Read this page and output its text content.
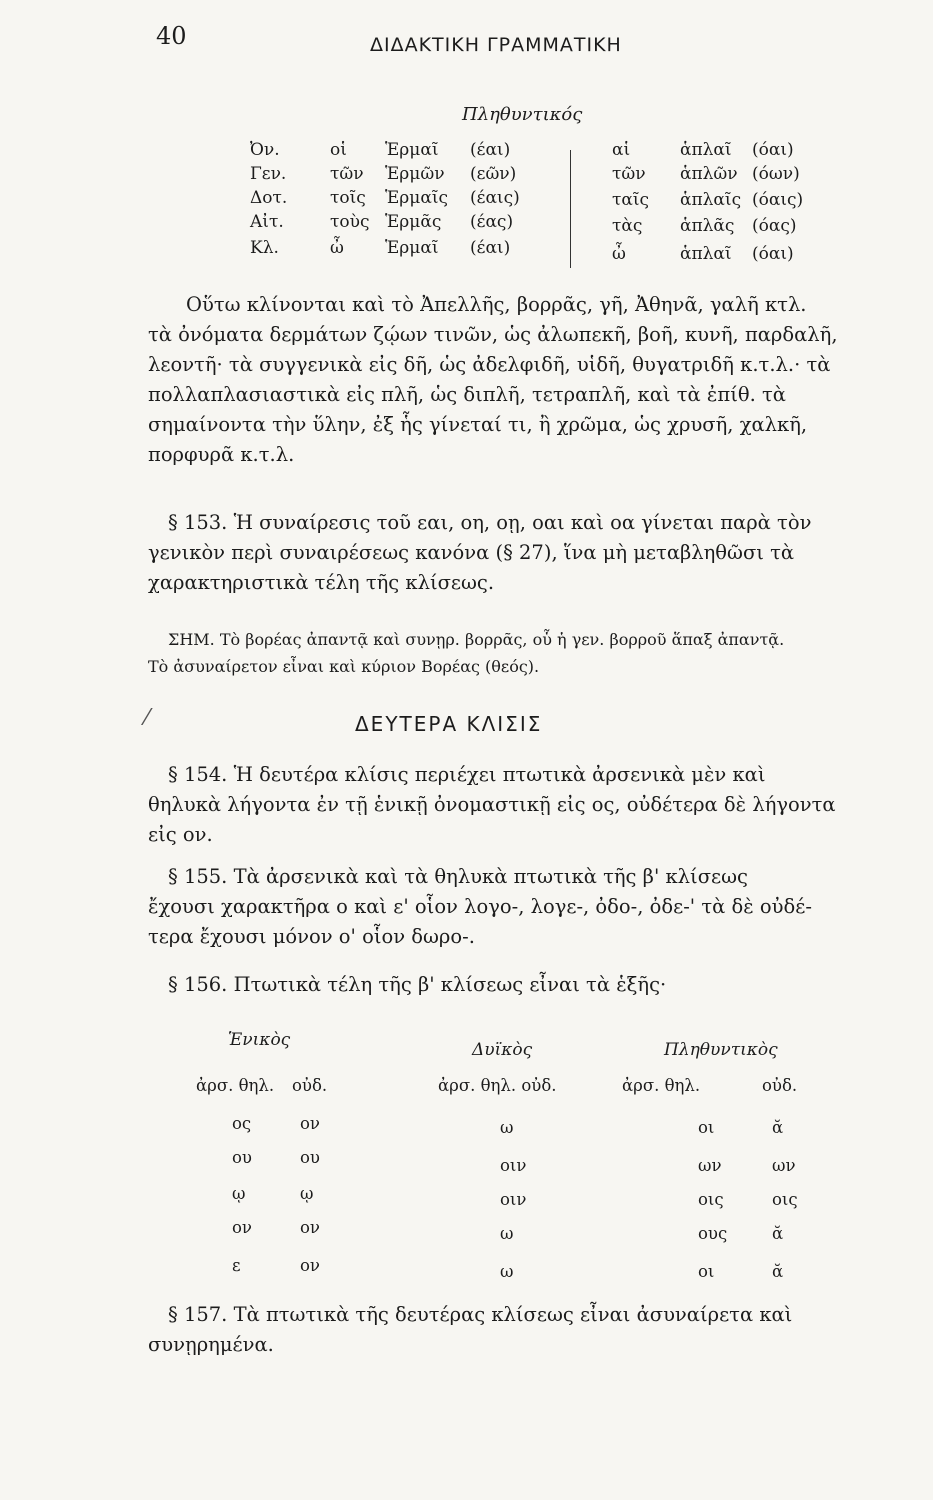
40	ΔΙΔΑΚΤΙΚΗ ΓΡΑΜΜΑΤΙΚΗ
Πληθυντικός
Ὀν.	οἱ Ἑρμαῖ (έαι)	αἱ	ἁπλαῖ (όαι)
Γεν.	τῶν Ἑρμῶν (εῶν)	τῶν ἁπλῶν (όων)
Δοτ.	τοῖς Ἑρμαῖς (έαις)	ταῖς ἁπλαῖς (όαις)
Αἰτ.	τοὺς Ἑρμᾶς (έας)	τὰς ἁπλᾶς (όας)
Κλ.	ὦ Ἑρμαῖ (έαι)	ὦ	ἁπλαῖ (όαι)
Οὕτω κλίνονται καὶ τὸ Ἀπελλῆς, βορρᾶς, γῆ, Ἀθηνᾶ, γαλῆ κτλ.
τὰ ὀνόματα δερμάτων ζῴων τινῶν, ὡς ἀλωπεκῆ, βοῆ, κυνῆ, παρδαλῆ,
λεοντῆ· τὰ συγγενικὰ εἰς δῆ, ὡς ἀδελφιδῆ, υἱδῆ, θυγατριδῆ κ.τ.λ.· τὰ
πολλαπλασιαστικὰ εἰς πλῆ, ὡς διπλῆ, τετραπλῆ, καὶ τὰ ἐπίθ. τὰ
σημαίνοντα τὴν ὕλην, ἐξ ἧς γίνεταί τι, ἢ χρῶμα, ὡς χρυσῆ, χαλκῆ,
πορφυρᾶ κ.τ.λ.
§ 153. Ἡ συναίρεσις τοῦ εαι, οη, οῃ, οαι καὶ οα γίνεται παρὰ τὸν
γενικὸν περὶ συναιρέσεως κανόνα (§ 27), ἵνα μὴ μεταβληθῶσι τὰ
χαρακτηριστικὰ τέλη τῆς κλίσεως.
ΣΗΜ. Τὸ βορέας ἀπαντᾷ καὶ συνῃρ. βορρᾶς, οὗ ἡ γεν. βορροῦ ἅπαξ ἀπαντᾷ.
Τὸ ἀσυναίρετον εἶναι καὶ κύριον Βορέας (θεός).
⁄	ΔΕΥΤΕΡΑ ΚΛΙΣΙΣ
§ 154. Ἡ δευτέρα κλίσις περιέχει πτωτικὰ ἀρσενικὰ μὲν καὶ
θηλυκὰ λήγοντα ἐν τῇ ἑνικῇ ὀνομαστικῇ εἰς ος, οὐδέτερα δὲ λήγοντα
εἰς ον.
§ 155. Τὰ ἀρσενικὰ καὶ τὰ θηλυκὰ πτωτικὰ τῆς β' κλίσεως
ἔχουσι χαρακτῆρα ο καὶ ε' οἷον λογο-, λογε-, ὀδο-, ὀδε-' τὰ δὲ οὐδέ-
τερα ἔχουσι μόνον ο' οἷον δωρο-.
§ 156. Πτωτικὰ τέλη τῆς β' κλίσεως εἶναι τὰ ἑξῆς·
Ἑνικὸς	Δυϊκὸς	Πληθυντικὸς
ἀρσ. θηλ. οὐδ.	ἀρσ. θηλ. οὐδ.	ἀρσ. θηλ.	οὐδ.
ος	ον	ω	οι	ᾰ
ου	ου	οιν	ων	ων
ῳ	ῳ	οιν	οις	οις
ον	ον	ω	ους	ᾰ
ε	ον	ω	οι	ᾰ
§ 157. Τὰ πτωτικὰ τῆς δευτέρας κλίσεως εἶναι ἀσυναίρετα καὶ
συνῃρημένα.
